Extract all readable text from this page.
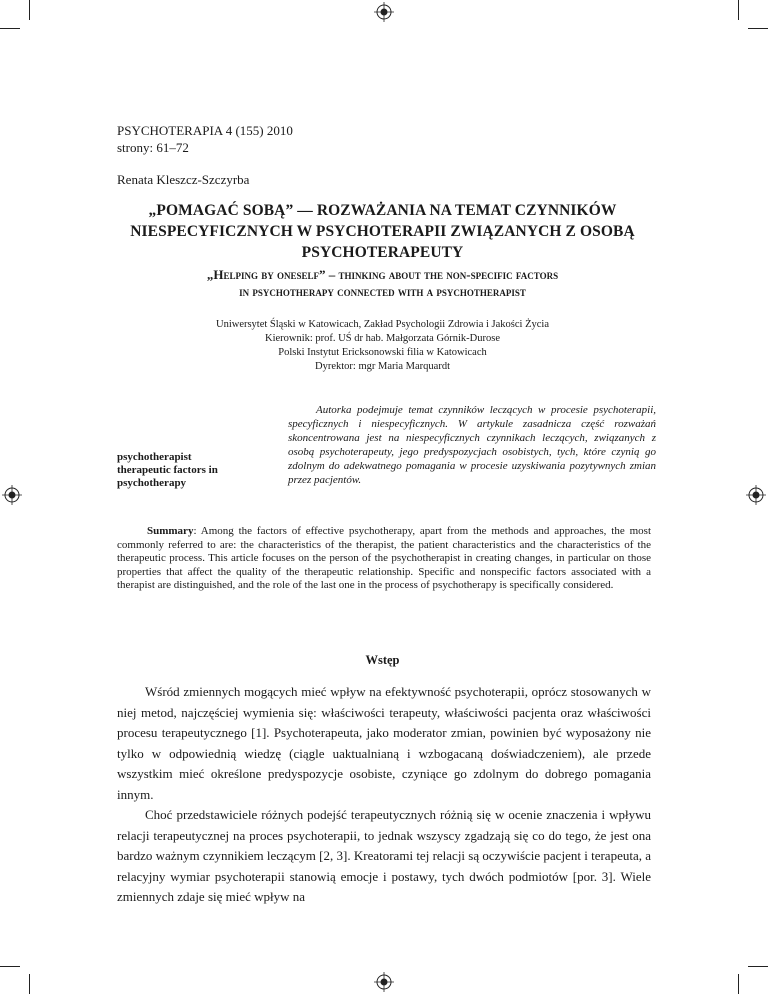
PSYCHOTERAPIA 4 (155) 2010
strony: 61–72
Renata Kleszcz-Szczyrba
„POMAGAĆ SOBĄ” — ROZWAŻANIA NA TEMAT CZYNNIKÓW NIESPECYFICZNYCH W PSYCHOTERAPII ZWIĄZANYCH Z OSOBĄ PSYCHOTERAPEUTY
„Helping by oneself” – thinking about the non-specific factors
in psychotherapy connected with a psychotherapist
Uniwersytet Śląski w Katowicach, Zakład Psychologii Zdrowia i Jakości Życia
Kierownik: prof. UŚ dr hab. Małgorzata Górnik-Durose
Polski Instytut Ericksonowski filia w Katowicach
Dyrektor: mgr Maria Marquardt
psychotherapist
therapeutic factors in psychotherapy
Autorka podejmuje temat czynników leczących w procesie psychoterapii, specyficznych i niespecyficznych. W artykule zasadnicza część rozważań skoncentrowana jest na niespecyficznych czynnikach leczących, związanych z osobą psychoterapeuty, jego predyspozycjach osobistych, tych, które czynią go zdolnym do adekwatnego pomagania w procesie uzyskiwania pozytywnych zmian przez pacjentów.
Summary: Among the factors of effective psychotherapy, apart from the methods and approaches, the most commonly referred to are: the characteristics of the therapist, the patient characteristics and the characteristics of the therapeutic process. This article focuses on the person of the psychotherapist in creating changes, in particular on those properties that affect the quality of the therapeutic relationship. Specific and nonspecific factors associated with a therapist are distinguished, and the role of the last one in the process of psychotherapy is specifically considered.
Wstęp

Wśród zmiennych mogących mieć wpływ na efektywność psychoterapii, oprócz stosowanych w niej metod, najczęściej wymienia się: właściwości terapeuty, właściwości pacjenta oraz właściwości procesu terapeutycznego [1]. Psychoterapeuta, jako moderator zmian, powinien być wyposażony nie tylko w odpowiednią wiedzę (ciągle uaktualnianą i wzbogacaną doświadczeniem), ale przede wszystkim mieć określone predyspozycje osobiste, czyniące go zdolnym do dobrego pomagania innym.

Choć przedstawiciele różnych podejść terapeutycznych różnią się w ocenie znaczenia i wpływu relacji terapeutycznej na proces psychoterapii, to jednak wszyscy zgadzają się co do tego, że jest ona bardzo ważnym czynnikiem leczącym [2, 3]. Kreatorami tej relacji są oczywiście pacjent i terapeuta, a relacyjny wymiar psychoterapii stanowią emocje i postawy, tych dwóch podmiotów [por. 3]. Wiele zmiennych zdaje się mieć wpływ na
